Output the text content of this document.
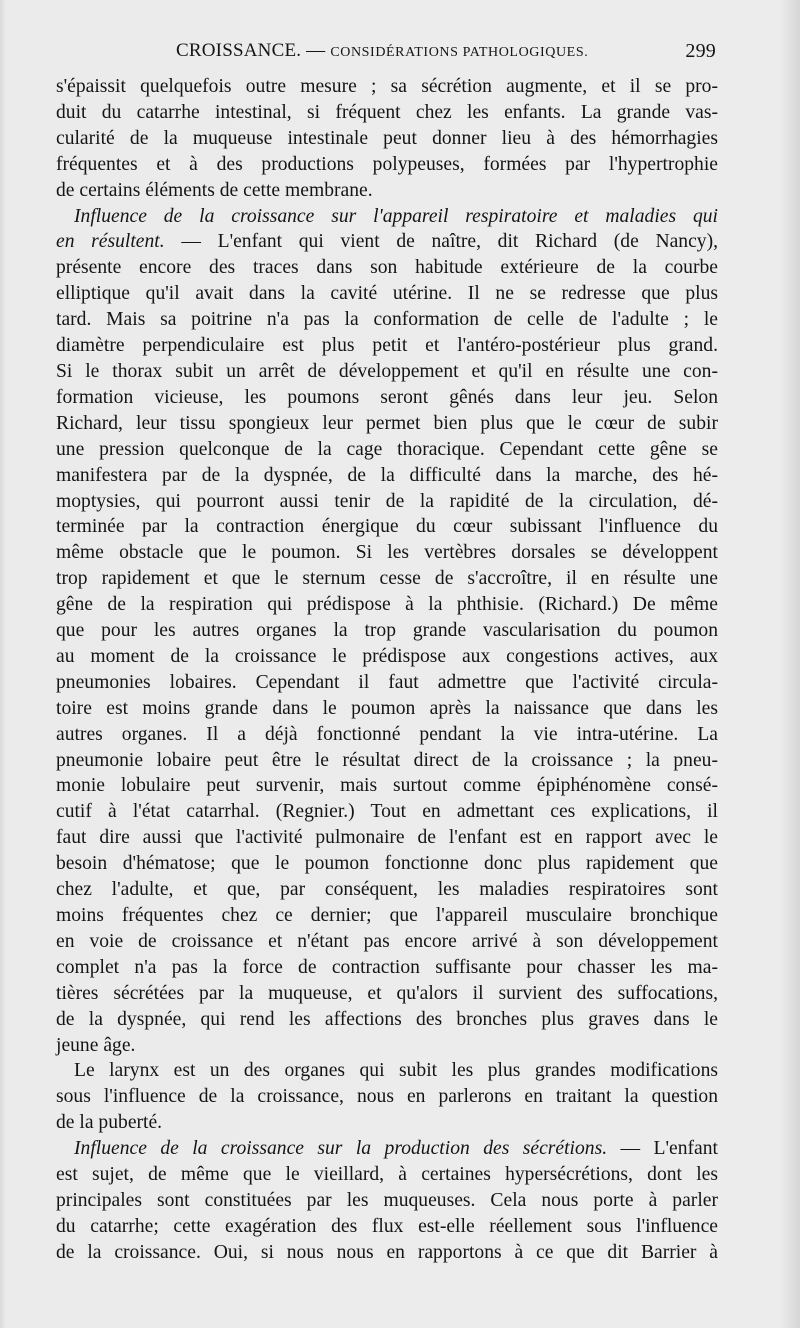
CROISSANCE. — CONSIDÉRATIONS PATHOLOGIQUES.	299

s'épaissit quelquefois outre mesure ; sa sécrétion augmente, et il se pro-

duit du catarrhe intestinal, si fréquent chez les enfants. La grande vas-

cularité de la muqueuse intestinale peut donner lieu à des hémorrhagies

fréquentes et à des productions polypeuses, formées par l'hypertrophie

de certains éléments de cette membrane.

Influence de la croissance sur l'appareil respiratoire et maladies qui

en résultent. — L'enfant qui vient de naître, dit Richard (de Nancy),

présente encore des traces dans son habitude extérieure de la courbe

elliptique qu'il avait dans la cavité utérine. Il ne se redresse que plus

tard. Mais sa poitrine n'a pas la conformation de celle de l'adulte ; le

diamètre perpendiculaire est plus petit et l'antéro-postérieur plus grand.

Si le thorax subit un arrêt de développement et qu'il en résulte une con-

formation vicieuse, les poumons seront gênés dans leur jeu. Selon

Richard, leur tissu spongieux leur permet bien plus que le cœur de subir

une pression quelconque de la cage thoracique. Cependant cette gêne se

manifestera par de la dyspnée, de la difficulté dans la marche, des hé-

moptysies, qui pourront aussi tenir de la rapidité de la circulation, dé-

terminée par la contraction énergique du cœur subissant l'influence du

même obstacle que le poumon. Si les vertèbres dorsales se développent

trop rapidement et que le sternum cesse de s'accroître, il en résulte une

gêne de la respiration qui prédispose à la phthisie. (Richard.) De même

que pour les autres organes la trop grande vascularisation du poumon

au moment de la croissance le prédispose aux congestions actives, aux

pneumonies lobaires. Cependant il faut admettre que l'activité circula-

toire est moins grande dans le poumon après la naissance que dans les

autres organes. Il a déjà fonctionné pendant la vie intra-utérine. La

pneumonie lobaire peut être le résultat direct de la croissance ; la pneu-

monie lobulaire peut survenir, mais surtout comme épiphénomène consé-

cutif à l'état catarrhal. (Regnier.) Tout en admettant ces explications, il

faut dire aussi que l'activité pulmonaire de l'enfant est en rapport avec le

besoin d'hématose; que le poumon fonctionne donc plus rapidement que

chez l'adulte, et que, par conséquent, les maladies respiratoires sont

moins fréquentes chez ce dernier; que l'appareil musculaire bronchique

en voie de croissance et n'étant pas encore arrivé à son développement

complet n'a pas la force de contraction suffisante pour chasser les ma-

tières sécrétées par la muqueuse, et qu'alors il survient des suffocations,

de la dyspnée, qui rend les affections des bronches plus graves dans le

jeune âge.

Le larynx est un des organes qui subit les plus grandes modifications

sous l'influence de la croissance, nous en parlerons en traitant la question

de la puberté.

Influence de la croissance sur la production des sécrétions. — L'enfant

est sujet, de même que le vieillard, à certaines hypersécrétions, dont les

principales sont constituées par les muqueuses. Cela nous porte à parler

du catarrhe; cette exagération des flux est-elle réellement sous l'influence

de la croissance. Oui, si nous nous en rapportons à ce que dit Barrier à
